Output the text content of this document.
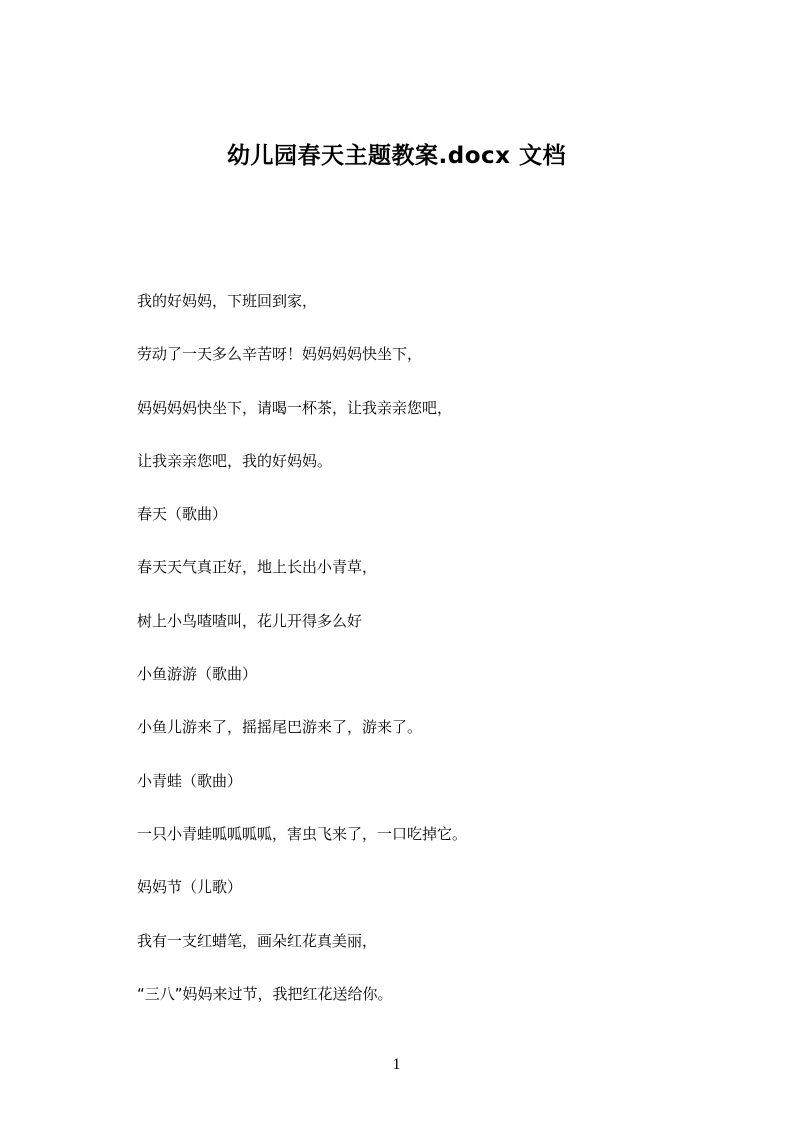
幼儿园春天主题教案.docx 文档
我的好妈妈，下班回到家，
劳动了一天多么辛苦呀！妈妈妈妈快坐下，
妈妈妈妈快坐下，请喝一杯茶，让我亲亲您吧，
让我亲亲您吧，我的好妈妈。
春天（歌曲）
春天天气真正好，地上长出小青草，
树上小鸟喳喳叫，花儿开得多么好
小鱼游游（歌曲）
小鱼儿游来了，摇摇尾巴游来了，游来了。
小青蛙（歌曲）
一只小青蛙呱呱呱呱，害虫飞来了，一口吃掉它。
妈妈节（儿歌）
我有一支红蜡笔，画朵红花真美丽，
“三八”妈妈来过节，我把红花送给你。
1
